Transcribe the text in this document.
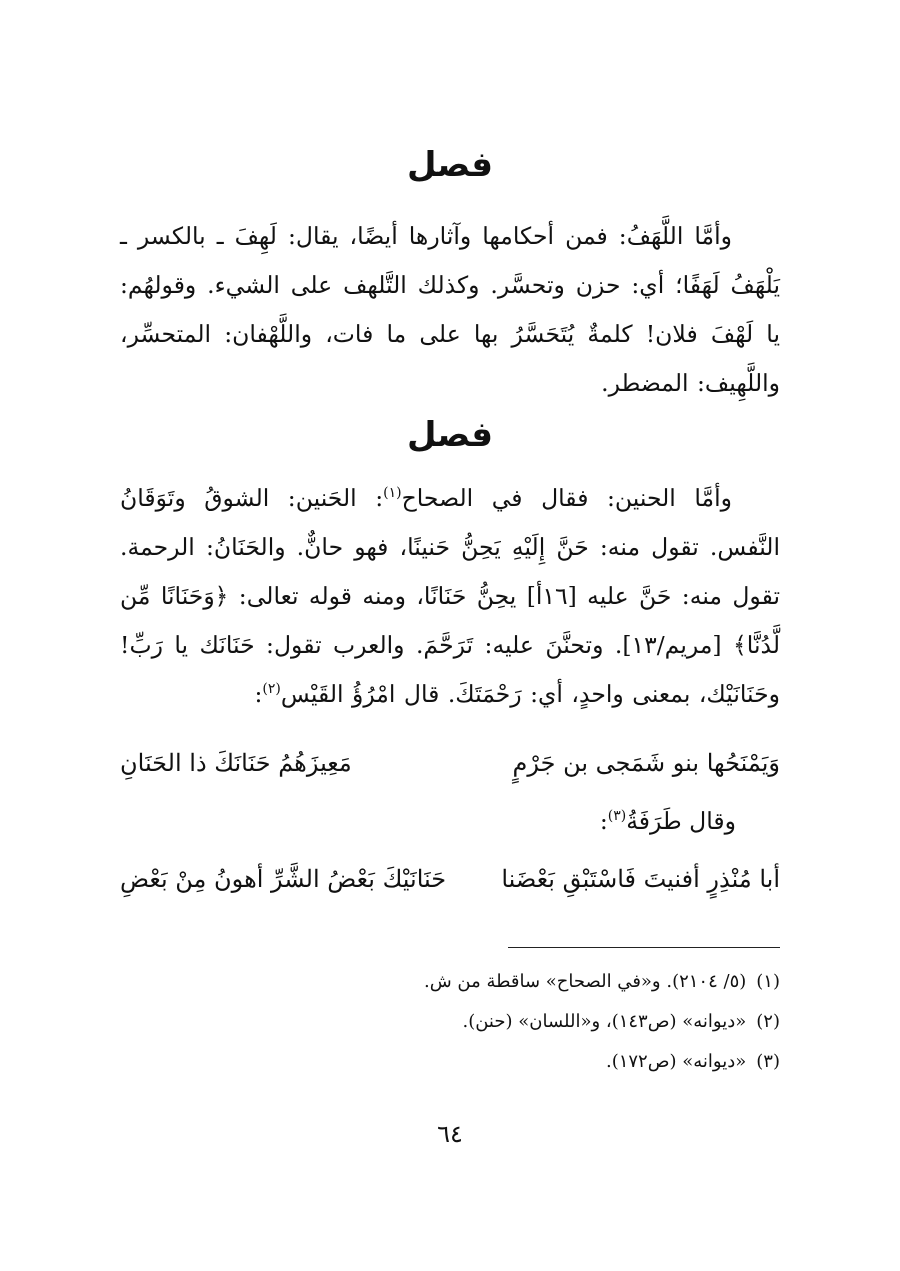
فصل

وأمَّا اللَّهَفُ: فمن أحكامها وآثارها أيضًا، يقال: لَهِفَ ـ بالكسر ـ يَلْهَفُ لَهَفًا؛ أي: حزن وتحسَّر. وكذلك التَّلهف على الشيء. وقولهُم: يا لَهْفَ فلان! كلمةٌ يُتَحَسَّرُ بها على ما فات، واللَّهْفان: المتحسِّر، واللَّهِيف: المضطر.

فصل

وأمَّا الحنين: فقال في الصحاح$^{(١)}$: الحَنين: الشوقُ وتَوَقَانُ النَّفس. تقول منه: حَنَّ إِلَيْهِ يَحِنُّ حَنينًا، فهو حانٌّ. والحَنَانُ: الرحمة. تقول منه: حَنَّ عليه [١٦أ] يحِنُّ حَنَانًا، ومنه قوله تعالى: ﴿وَحَنَانًا مِّن لَّدُنَّا﴾ [مريم/١٣]. وتحنَّنَ عليه: تَرَحَّمَ. والعرب تقول: حَنَانَك يا رَبِّ! وحَنَانَيْك، بمعنى واحدٍ، أي: رَحْمَتَكَ. قال امْرُؤُ القَيْس$^{(٢)}$:

وَيَمْنَحُها بنو شَمَجى بن جَرْمٍ
مَعِيزَهُمُ حَنَانَكَ ذا الحَنَانِ
وقال طَرَفَةُ$^{(٣)}$:
أبا مُنْذِرٍ أفنيتَ فَاسْتَبْقِ بَعْضَنا
حَنَانَيْكَ بَعْضُ الشَّرِّ أهونُ مِنْ بَعْضِ
(١)(٥/ ٢١٠٤). و«في الصحاح» ساقطة من ش.
(٢)«ديوانه» (ص١٤٣)، و«اللسان» (حنن).
(٣)«ديوانه» (ص١٧٢).
٦٤
